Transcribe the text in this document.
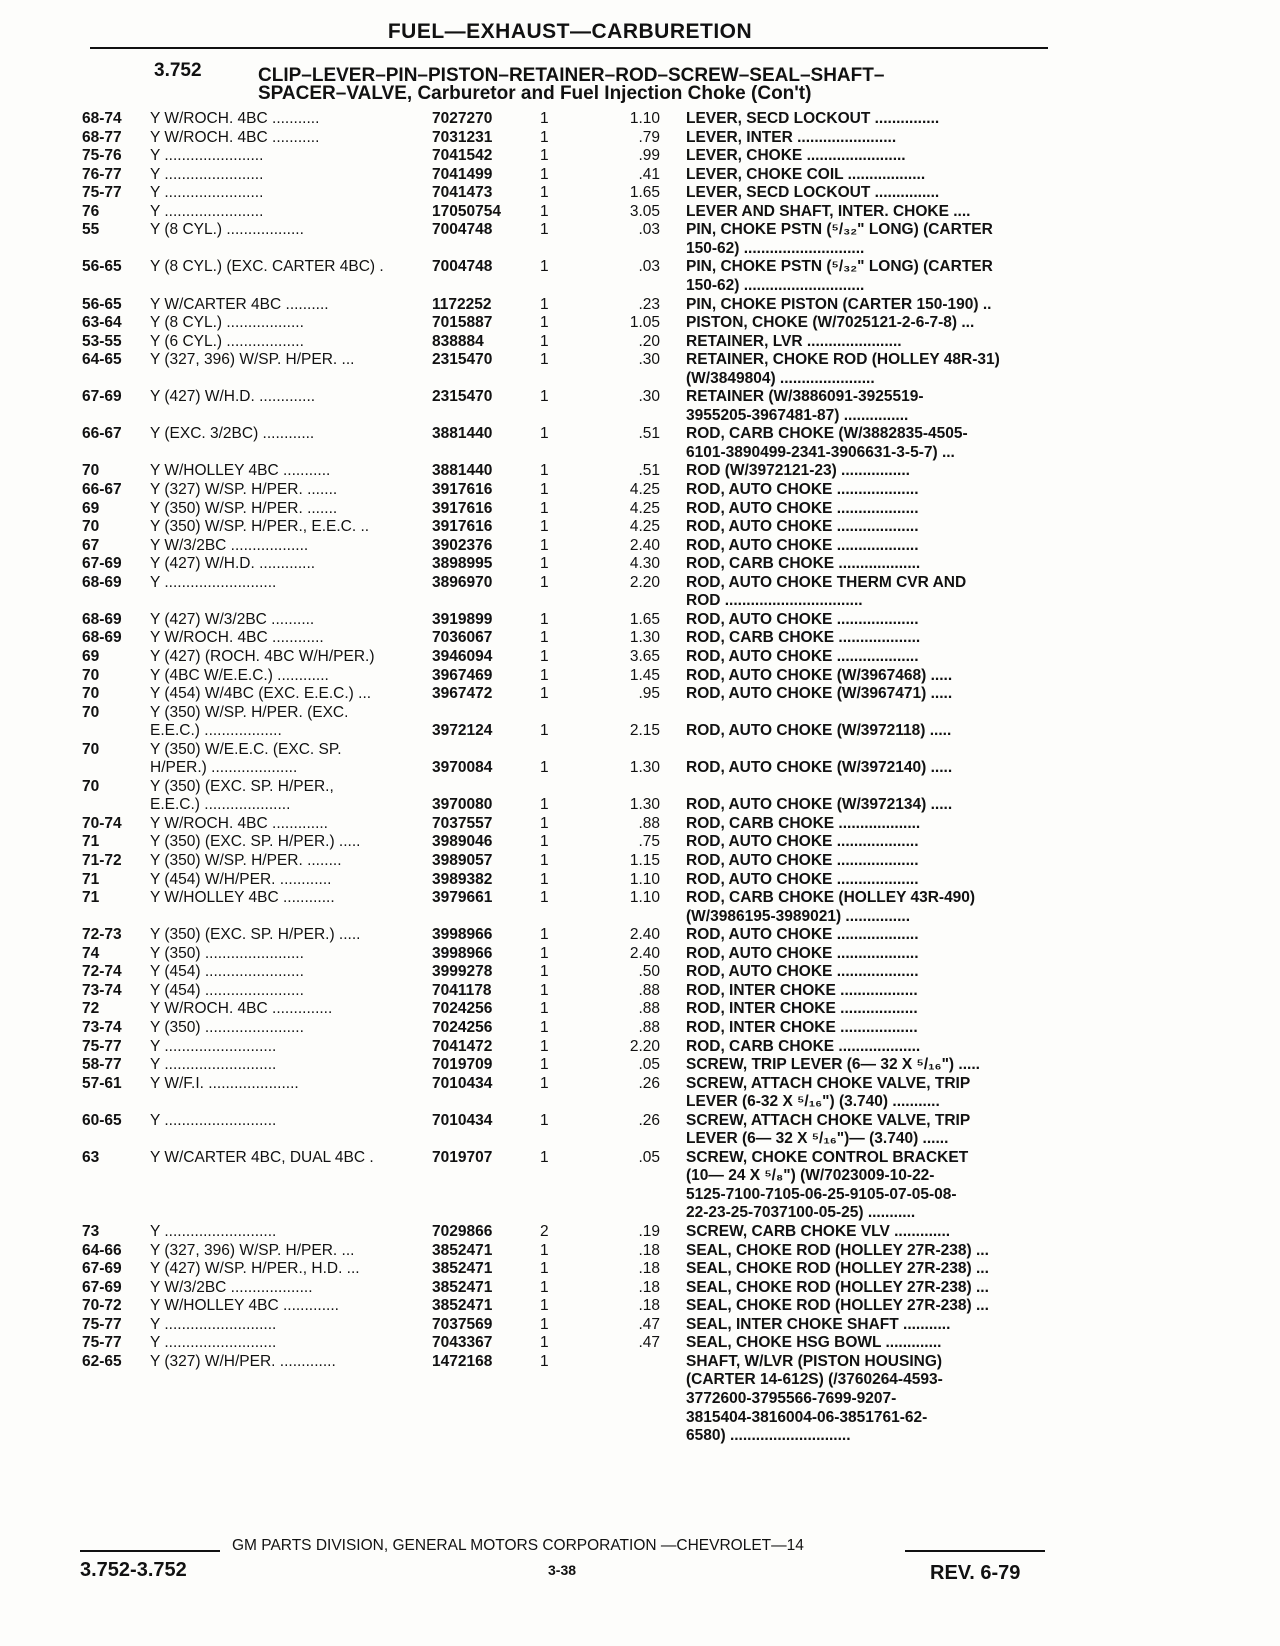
FUEL—EXHAUST—CARBURETION
3.752	CLIP–LEVER–PIN–PISTON–RETAINER–ROD–SCREW–SEAL–SHAFT–
SPACER–VALVE, Carburetor and Fuel Injection Choke (Con't)
68-74 Y W/ROCH. 4BC ...........	7027270	1	1.10 LEVER, SECD LOCKOUT ...............
68-77 Y W/ROCH. 4BC ...........	7031231	1	.79 LEVER, INTER .......................
75-76 Y .......................	7041542	1	.99 LEVER, CHOKE .......................
76-77 Y .......................	7041499	1	.41 LEVER, CHOKE COIL ..................
75-77 Y .......................	7041473	1	1.65 LEVER, SECD LOCKOUT ...............
76	Y .......................	17050754	1	3.05 LEVER AND SHAFT, INTER. CHOKE ....
55	Y (8 CYL.) ..................	7004748	1	.03 PIN, CHOKE PSTN (⁵/₃₂" LONG) (CARTER
150-62) ............................
56-65 Y (8 CYL.) (EXC. CARTER 4BC) .	7004748	1	.03 PIN, CHOKE PSTN (⁵/₃₂" LONG) (CARTER
150-62) ............................
56-65 Y W/CARTER 4BC ..........	1172252	1	.23 PIN, CHOKE PISTON (CARTER 150-190) ..
63-64 Y (8 CYL.) ..................	7015887	1	1.05 PISTON, CHOKE (W/7025121-2-6-7-8) ...
53-55 Y (6 CYL.) ..................	838884	1	.20 RETAINER, LVR ......................
64-65 Y (327, 396) W/SP. H/PER. ...	2315470	1	.30 RETAINER, CHOKE ROD (HOLLEY 48R-31)
(W/3849804) ......................
67-69 Y (427) W/H.D. .............	2315470	1	.30 RETAINER (W/3886091-3925519-
3955205-3967481-87) ...............
66-67 Y (EXC. 3/2BC) ............	3881440	1	.51 ROD, CARB CHOKE (W/3882835-4505-
6101-3890499-2341-3906631-3-5-7) ...
70	Y W/HOLLEY 4BC ...........	3881440	1	.51 ROD (W/3972121-23) ................
66-67 Y (327) W/SP. H/PER. .......	3917616	1	4.25 ROD, AUTO CHOKE ...................
69	Y (350) W/SP. H/PER. .......	3917616	1	4.25 ROD, AUTO CHOKE ...................
70	Y (350) W/SP. H/PER., E.E.C. ..	3917616	1	4.25 ROD, AUTO CHOKE ...................
67	Y W/3/2BC ..................	3902376	1	2.40 ROD, AUTO CHOKE ...................
67-69 Y (427) W/H.D. .............	3898995	1	4.30 ROD, CARB CHOKE ...................
68-69 Y ..........................	3896970	1	2.20 ROD, AUTO CHOKE THERM CVR AND
ROD ................................
68-69 Y (427) W/3/2BC ..........	3919899	1	1.65 ROD, AUTO CHOKE ...................
68-69 Y W/ROCH. 4BC ............	7036067	1	1.30 ROD, CARB CHOKE ...................
69	Y (427) (ROCH. 4BC W/H/PER.)	3946094	1	3.65 ROD, AUTO CHOKE ...................
70	Y (4BC W/E.E.C.) ............	3967469	1	1.45 ROD, AUTO CHOKE (W/3967468) .....
70	Y (454) W/4BC (EXC. E.E.C.) ...	3967472	1	.95 ROD, AUTO CHOKE (W/3967471) .....
70	Y (350) W/SP. H/PER. (EXC.
E.E.C.) ..................	3972124	1	2.15 ROD, AUTO CHOKE (W/3972118) .....
70	Y (350) W/E.E.C. (EXC. SP.
H/PER.) ....................	3970084	1	1.30 ROD, AUTO CHOKE (W/3972140) .....
70	Y (350) (EXC. SP. H/PER.,
E.E.C.) ....................	3970080	1	1.30 ROD, AUTO CHOKE (W/3972134) .....
70-74 Y W/ROCH. 4BC .............	7037557	1	.88 ROD, CARB CHOKE ...................
71	Y (350) (EXC. SP. H/PER.) .....	3989046	1	.75 ROD, AUTO CHOKE ...................
71-72 Y (350) W/SP. H/PER. ........	3989057	1	1.15 ROD, AUTO CHOKE ...................
71	Y (454) W/H/PER. ............	3989382	1	1.10 ROD, AUTO CHOKE ...................
71	Y W/HOLLEY 4BC ............	3979661	1	1.10 ROD, CARB CHOKE (HOLLEY 43R-490)
(W/3986195-3989021) ...............
72-73 Y (350) (EXC. SP. H/PER.) .....	3998966	1	2.40 ROD, AUTO CHOKE ...................
74	Y (350) .......................	3998966	1	2.40 ROD, AUTO CHOKE ...................
72-74 Y (454) .......................	3999278	1	.50 ROD, AUTO CHOKE ...................
73-74 Y (454) .......................	7041178	1	.88 ROD, INTER CHOKE ..................
72	Y W/ROCH. 4BC ..............	7024256	1	.88 ROD, INTER CHOKE ..................
73-74 Y (350) .......................	7024256	1	.88 ROD, INTER CHOKE ..................
75-77 Y ..........................	7041472	1	2.20 ROD, CARB CHOKE ...................
58-77 Y ..........................	7019709	1	.05 SCREW, TRIP LEVER (6— 32 X ⁵/₁₆") .....
57-61 Y W/F.I. .....................	7010434	1	.26 SCREW, ATTACH CHOKE VALVE, TRIP
LEVER (6-32 X ⁵/₁₆") (3.740) ...........
60-65 Y ..........................	7010434	1	.26 SCREW, ATTACH CHOKE VALVE, TRIP
LEVER (6— 32 X ⁵/₁₆")— (3.740) ......
63	Y W/CARTER 4BC, DUAL 4BC .	7019707	1	.05 SCREW, CHOKE CONTROL BRACKET
(10— 24 X ⁵/₈") (W/7023009-10-22-
5125-7100-7105-06-25-9105-07-05-08-
22-23-25-7037100-05-25) ...........
73	Y ..........................	7029866	2	.19 SCREW, CARB CHOKE VLV .............
64-66 Y (327, 396) W/SP. H/PER. ...	3852471	1	.18 SEAL, CHOKE ROD (HOLLEY 27R-238) ...
67-69 Y (427) W/SP. H/PER., H.D. ...	3852471	1	.18 SEAL, CHOKE ROD (HOLLEY 27R-238) ...
67-69 Y W/3/2BC ...................	3852471	1	.18 SEAL, CHOKE ROD (HOLLEY 27R-238) ...
70-72 Y W/HOLLEY 4BC .............	3852471	1	.18 SEAL, CHOKE ROD (HOLLEY 27R-238) ...
75-77 Y ..........................	7037569	1	.47 SEAL, INTER CHOKE SHAFT ...........
75-77 Y ..........................	7043367	1	.47 SEAL, CHOKE HSG BOWL .............
62-65 Y (327) W/H/PER. .............	1472168	1	SHAFT, W/LVR (PISTON HOUSING)
(CARTER 14-612S) (/3760264-4593-
3772600-3795566-7699-9207-
3815404-3816004-06-3851761-62-
6580) ............................
GM PARTS DIVISION, GENERAL MOTORS CORPORATION —CHEVROLET—14
3.752-3.752	3-38	REV. 6-79
